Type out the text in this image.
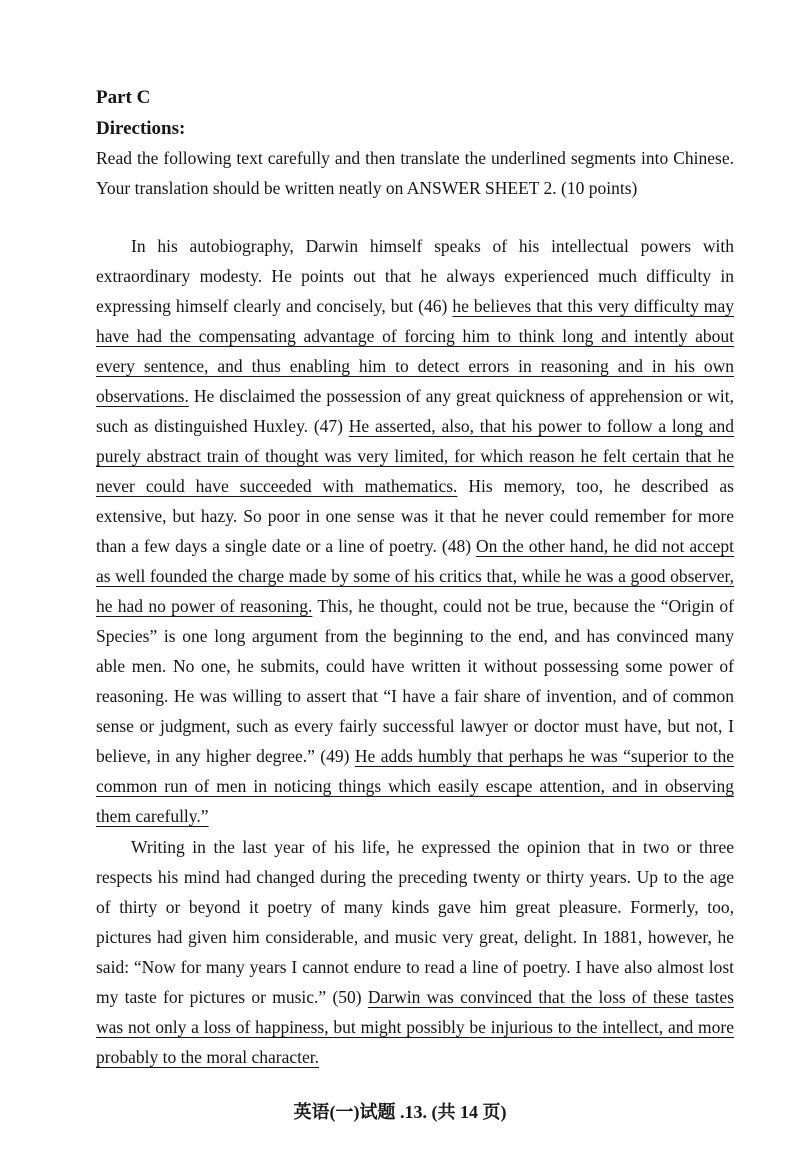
Part C
Directions:

Read the following text carefully and then translate the underlined segments into Chinese. Your translation should be written neatly on ANSWER SHEET 2. (10 points)

In his autobiography, Darwin himself speaks of his intellectual powers with extraordinary modesty. He points out that he always experienced much difficulty in expressing himself clearly and concisely, but (46) he believes that this very difficulty may have had the compensating advantage of forcing him to think long and intently about every sentence, and thus enabling him to detect errors in reasoning and in his own observations. He disclaimed the possession of any great quickness of apprehension or wit, such as distinguished Huxley. (47) He asserted, also, that his power to follow a long and purely abstract train of thought was very limited, for which reason he felt certain that he never could have succeeded with mathematics. His memory, too, he described as extensive, but hazy. So poor in one sense was it that he never could remember for more than a few days a single date or a line of poetry. (48) On the other hand, he did not accept as well founded the charge made by some of his critics that, while he was a good observer, he had no power of reasoning. This, he thought, could not be true, because the “Origin of Species” is one long argument from the beginning to the end, and has convinced many able men. No one, he submits, could have written it without possessing some power of reasoning. He was willing to assert that “I have a fair share of invention, and of common sense or judgment, such as every fairly successful lawyer or doctor must have, but not, I believe, in any higher degree.” (49) He adds humbly that perhaps he was “superior to the common run of men in noticing things which easily escape attention, and in observing them carefully.”

Writing in the last year of his life, he expressed the opinion that in two or three respects his mind had changed during the preceding twenty or thirty years. Up to the age of thirty or beyond it poetry of many kinds gave him great pleasure. Formerly, too, pictures had given him considerable, and music very great, delight. In 1881, however, he said: “Now for many years I cannot endure to read a line of poetry. I have also almost lost my taste for pictures or music.” (50) Darwin was convinced that the loss of these tastes was not only a loss of happiness, but might possibly be injurious to the intellect, and more probably to the moral character.

英语(一)试题 .13. (共 14 页)
